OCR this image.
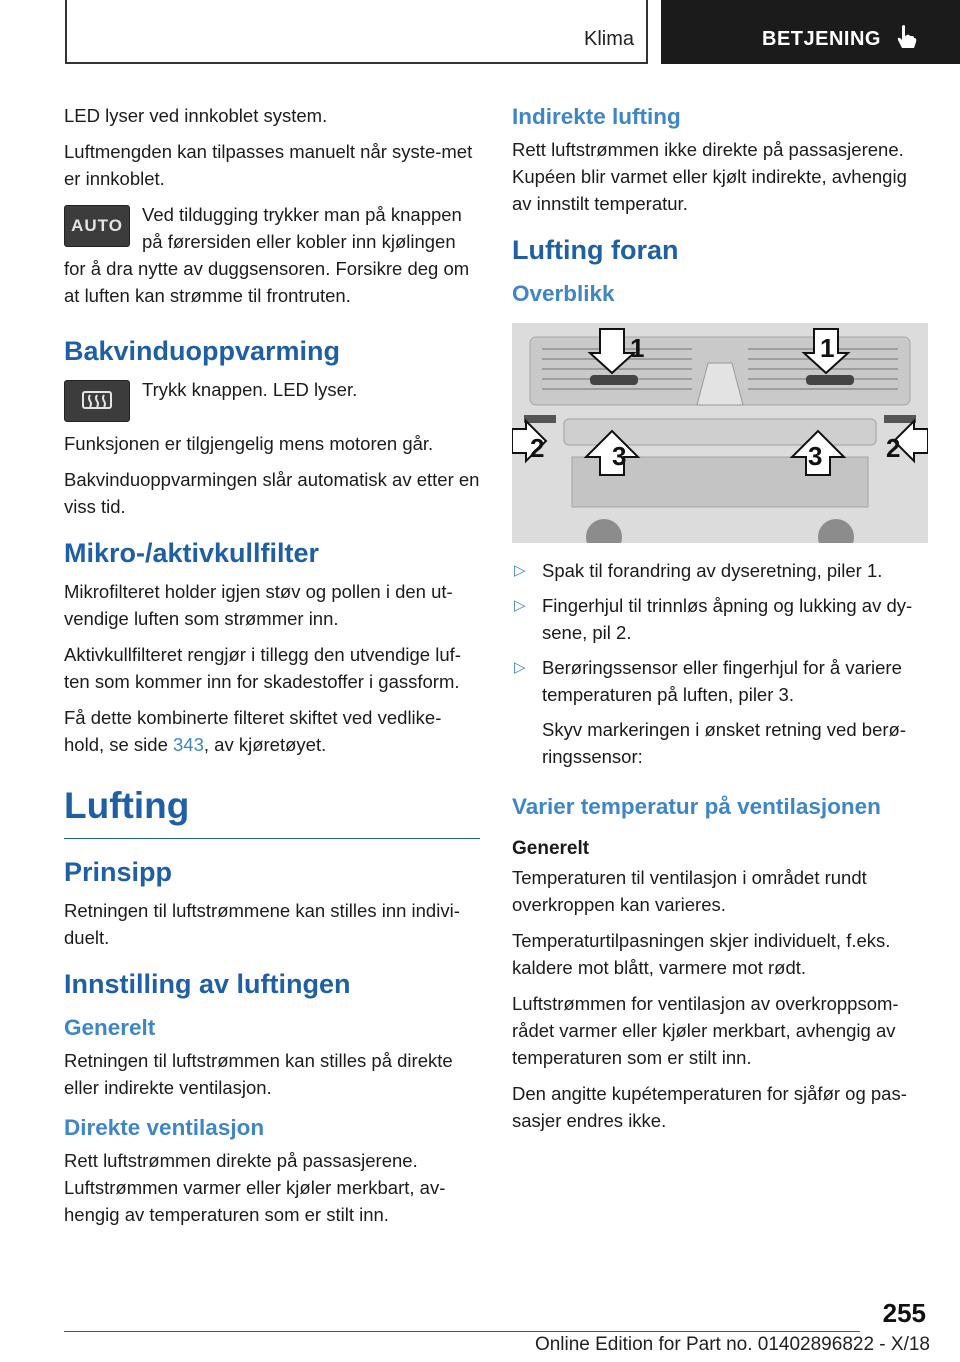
Klima	BETJENING

LED lyser ved innkoblet system.

Luftmengden kan tilpasses manuelt når syste-met er innkoblet.

AUTO

Ved tildugging trykker man på knappen på førersiden eller kobler inn kjølingen for å dra nytte av duggsensoren. Forsikre deg om at luften kan strømme til frontruten.

Bakvinduoppvarming

Trykk knappen. LED lyser.

Funksjonen er tilgjengelig mens motoren går.

Bakvinduoppvarmingen slår automatisk av etter en viss tid.

Mikro-/aktivkullfilter

Mikrofilteret holder igjen støv og pollen i den ut-vendige luften som strømmer inn.

Aktivkullfilteret rengjør i tillegg den utvendige luf-ten som kommer inn for skadestoffer i gassform.

Få dette kombinerte filteret skiftet ved vedlike-hold, se side 343, av kjøretøyet.

Lufting
Prinsipp

Retningen til luftstrømmene kan stilles inn indivi-duelt.

Innstilling av luftingen
Generelt

Retningen til luftstrømmen kan stilles på direkte eller indirekte ventilasjon.

Direkte ventilasjon

Rett luftstrømmen direkte på passasjerene. Luftstrømmen varmer eller kjøler merkbart, av-hengig av temperaturen som er stilt inn.

Indirekte lufting

Rett luftstrømmen ikke direkte på passasjerene. Kupéen blir varmet eller kjølt indirekte, avhengig av innstilt temperatur.

Lufting foran
Overblikk
1	1
2	3	3 2
▷ Spak til forandring av dyseretning, piler 1.
▷ Fingerhjul til trinnløs åpning og lukking av dy-sene, pil 2.
▷ Berøringssensor eller fingerhjul for å variere temperaturen på luften, piler 3.

Skyv markeringen i ønsket retning ved berø-ringssensor:

Varier temperatur på ventilasjonen
Generelt

Temperaturen til ventilasjon i området rundt overkroppen kan varieres.

Temperaturtilpasningen skjer individuelt, f.eks. kaldere mot blått, varmere mot rødt.

Luftstrømmen for ventilasjon av overkroppsom-rådet varmer eller kjøler merkbart, avhengig av temperaturen som er stilt inn.

Den angitte kupétemperaturen for sjåfør og pas-sasjer endres ikke.

255
Online Edition for Part no. 01402896822 - X/18
